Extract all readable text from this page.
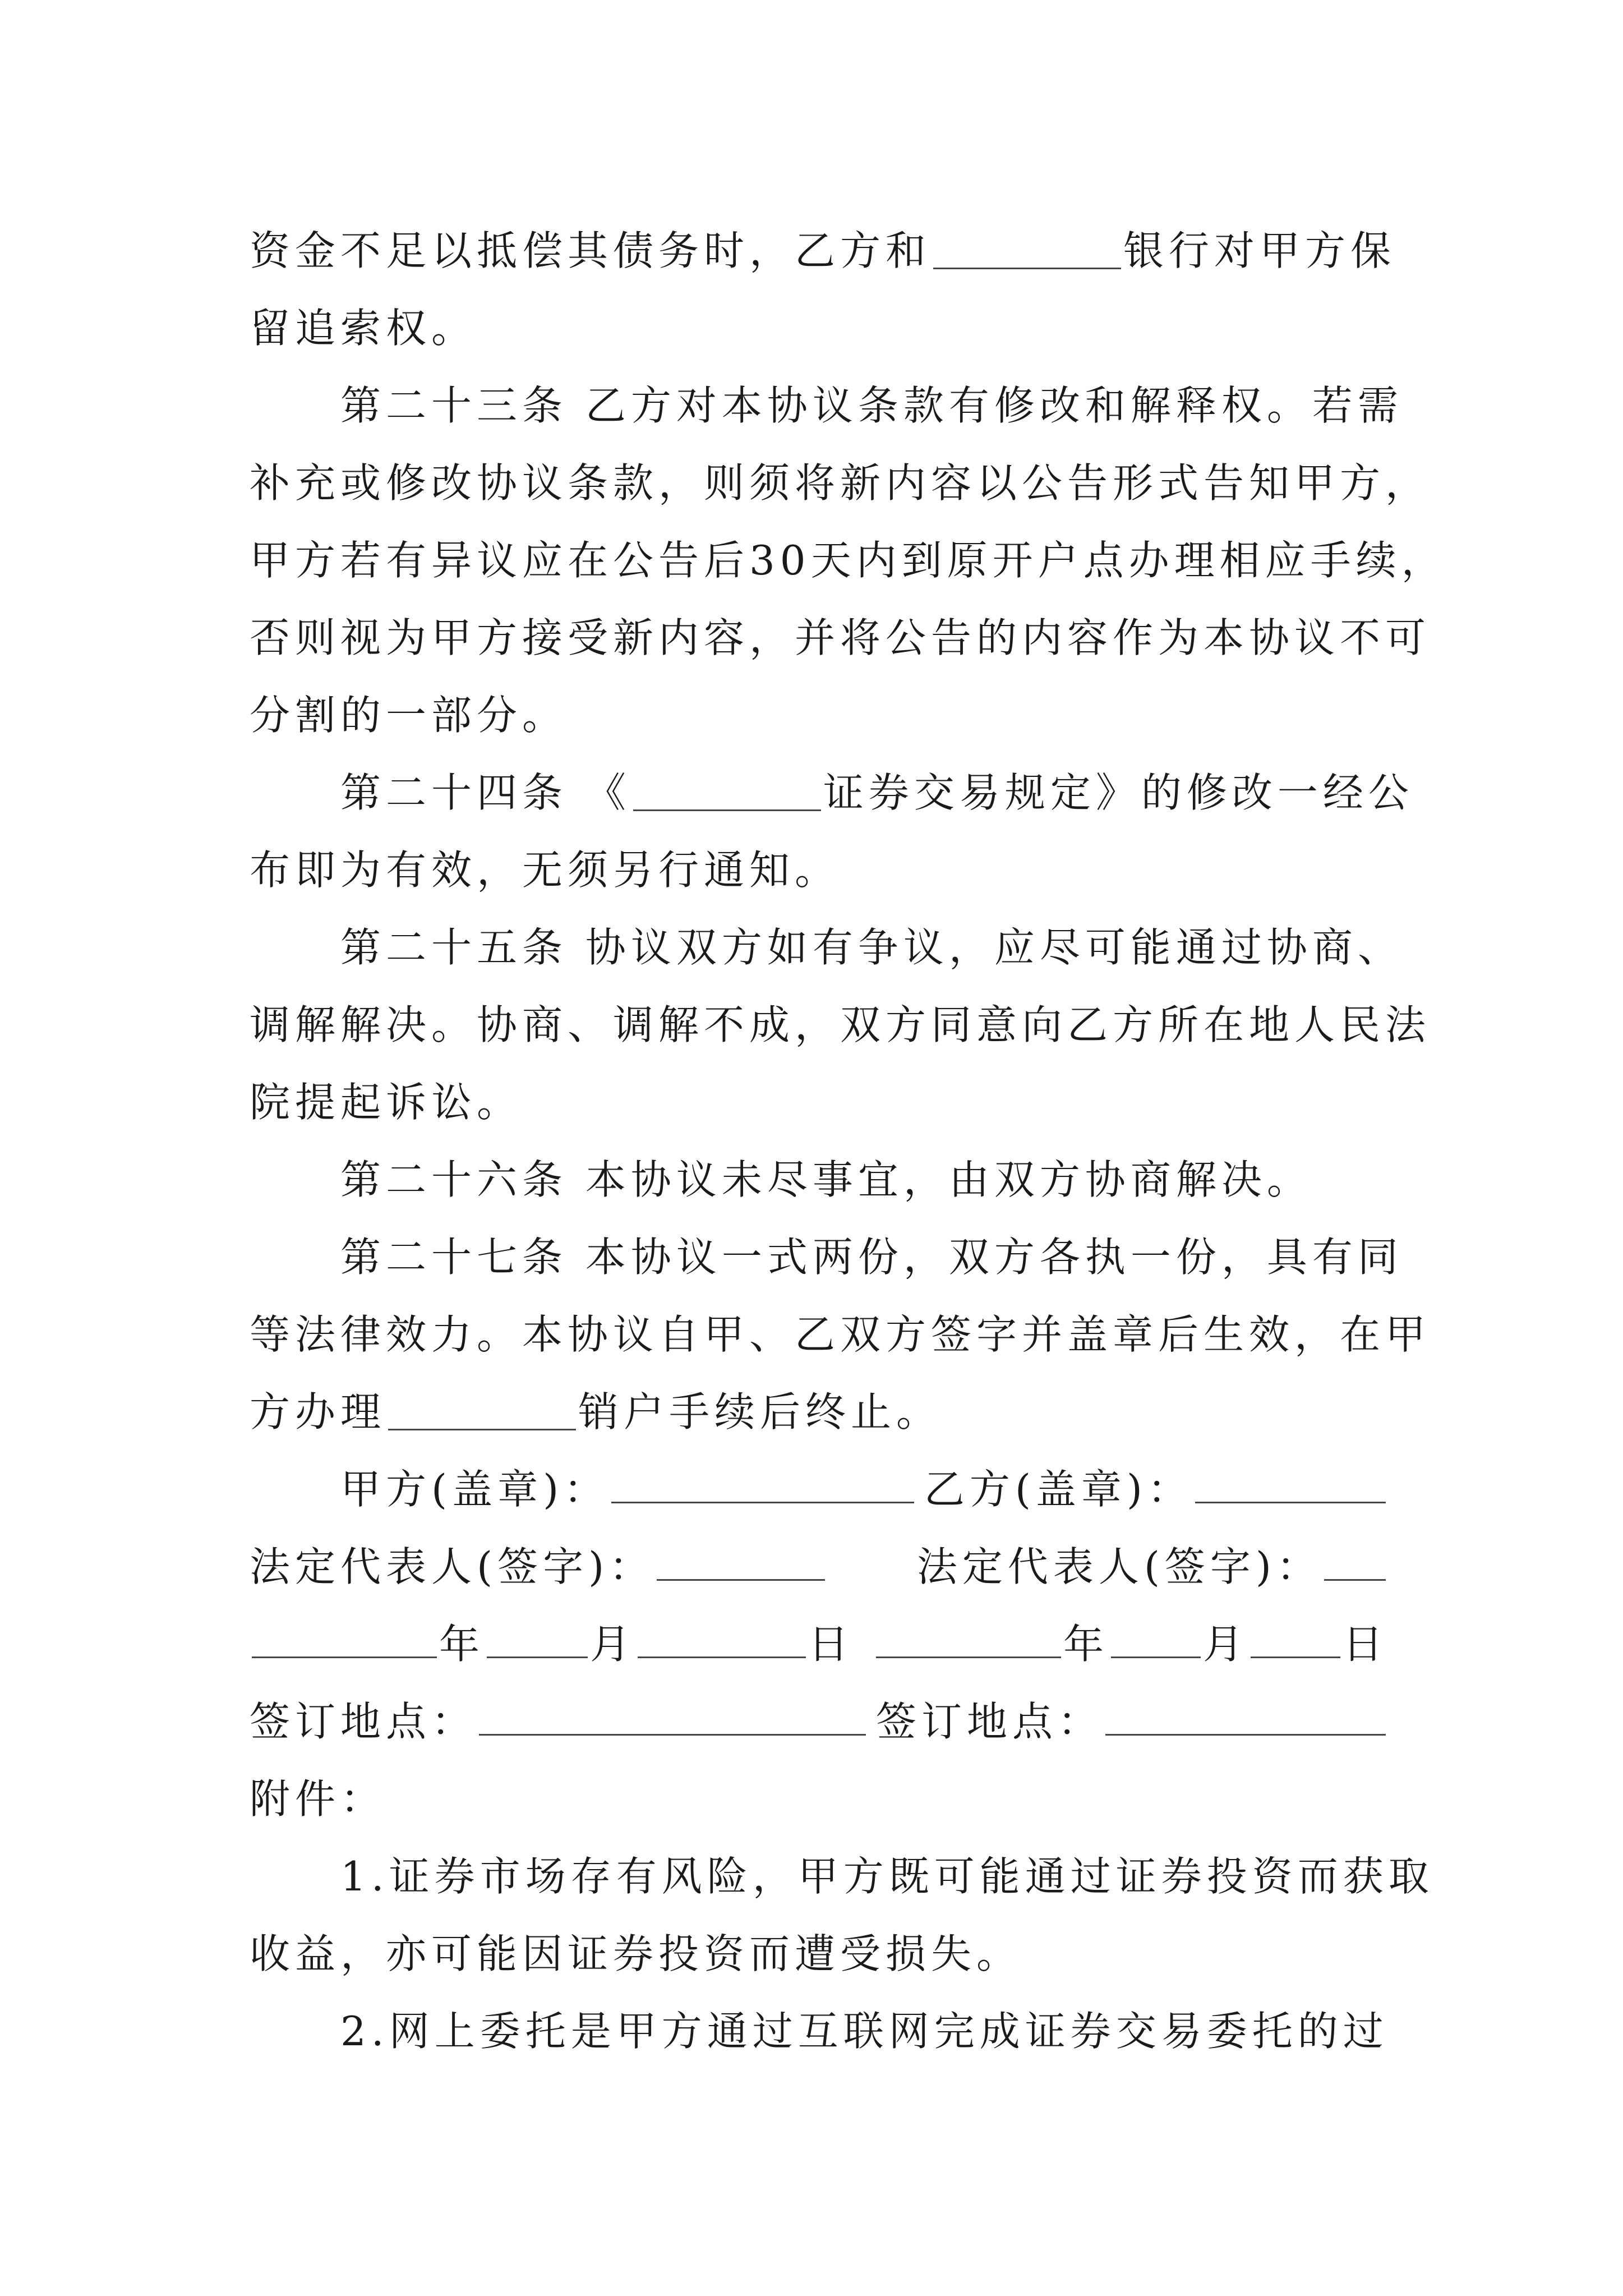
资金不足以抵偿其债务时，乙方和	银行对甲方保
留追索权。
第二十三条 乙方对本协议条款有修改和解释权。若需
补充或修改协议条款，则须将新内容以公告形式告知甲方，
甲方若有异议应在公告后30天内到原开户点办理相应手续，
否则视为甲方接受新内容，并将公告的内容作为本协议不可
分割的一部分。
第二十四条 《	证券交易规定》的修改一经公
布即为有效，无须另行通知。
第二十五条 协议双方如有争议，应尽可能通过协商、
调解解决。协商、调解不成，双方同意向乙方所在地人民法
院提起诉讼。
第二十六条 本协议未尽事宜，由双方协商解决。
第二十七条 本协议一式两份，双方各执一份，具有同
等法律效力。本协议自甲、乙双方签字并盖章后生效，在甲
方办理	销户手续后终止。
甲方(盖章)：	乙方(盖章)：
法定代表人(签字)：	法定代表人(签字)：
年	月	日	年 月 日
签订地点：	签订地点：
附件：
1.证券市场存有风险，甲方既可能通过证券投资而获取
收益，亦可能因证券投资而遭受损失。
2.网上委托是甲方通过互联网完成证券交易委托的过
